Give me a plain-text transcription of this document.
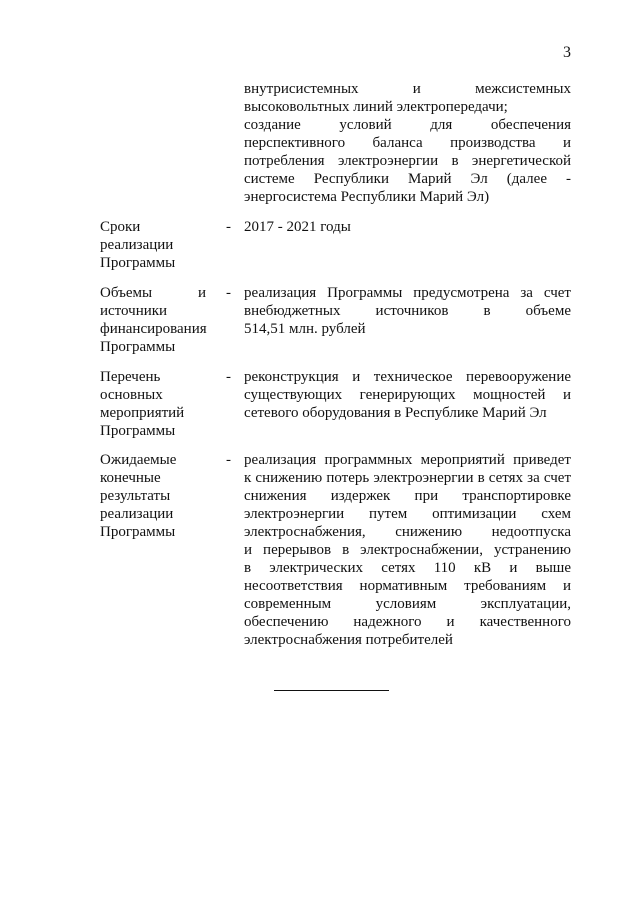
3
внутрисистемных и межсистемных
высоковольтных линий электропередачи;
создание условий для обеспечения
перспективного баланса производства и
потребления электроэнергии в энергетической
системе Республики Марий Эл (далее -
энергосистема Республики Марий Эл)
Сроки
реализации
Программы
- 2017 - 2021 годы
Объемы и
источники
финансирования
Программы
- реализация Программы предусмотрена за счет
внебюджетных источников в объеме
514,51 млн. рублей
Перечень
основных
мероприятий
Программы
- реконструкция и техническое перевооружение
существующих генерирующих мощностей и
сетевого оборудования в Республике Марий Эл
Ожидаемые
конечные
результаты
реализации
Программы
- реализация программных мероприятий приведет
к снижению потерь электроэнергии в сетях за счет
снижения издержек при транспортировке
электроэнергии путем оптимизации схем
электроснабжения, снижению недоотпуска
и перерывов в электроснабжении, устранению
в электрических сетях 110 кВ и выше
несоответствия нормативным требованиям и
современным условиям эксплуатации,
обеспечению надежного и качественного
электроснабжения потребителей
